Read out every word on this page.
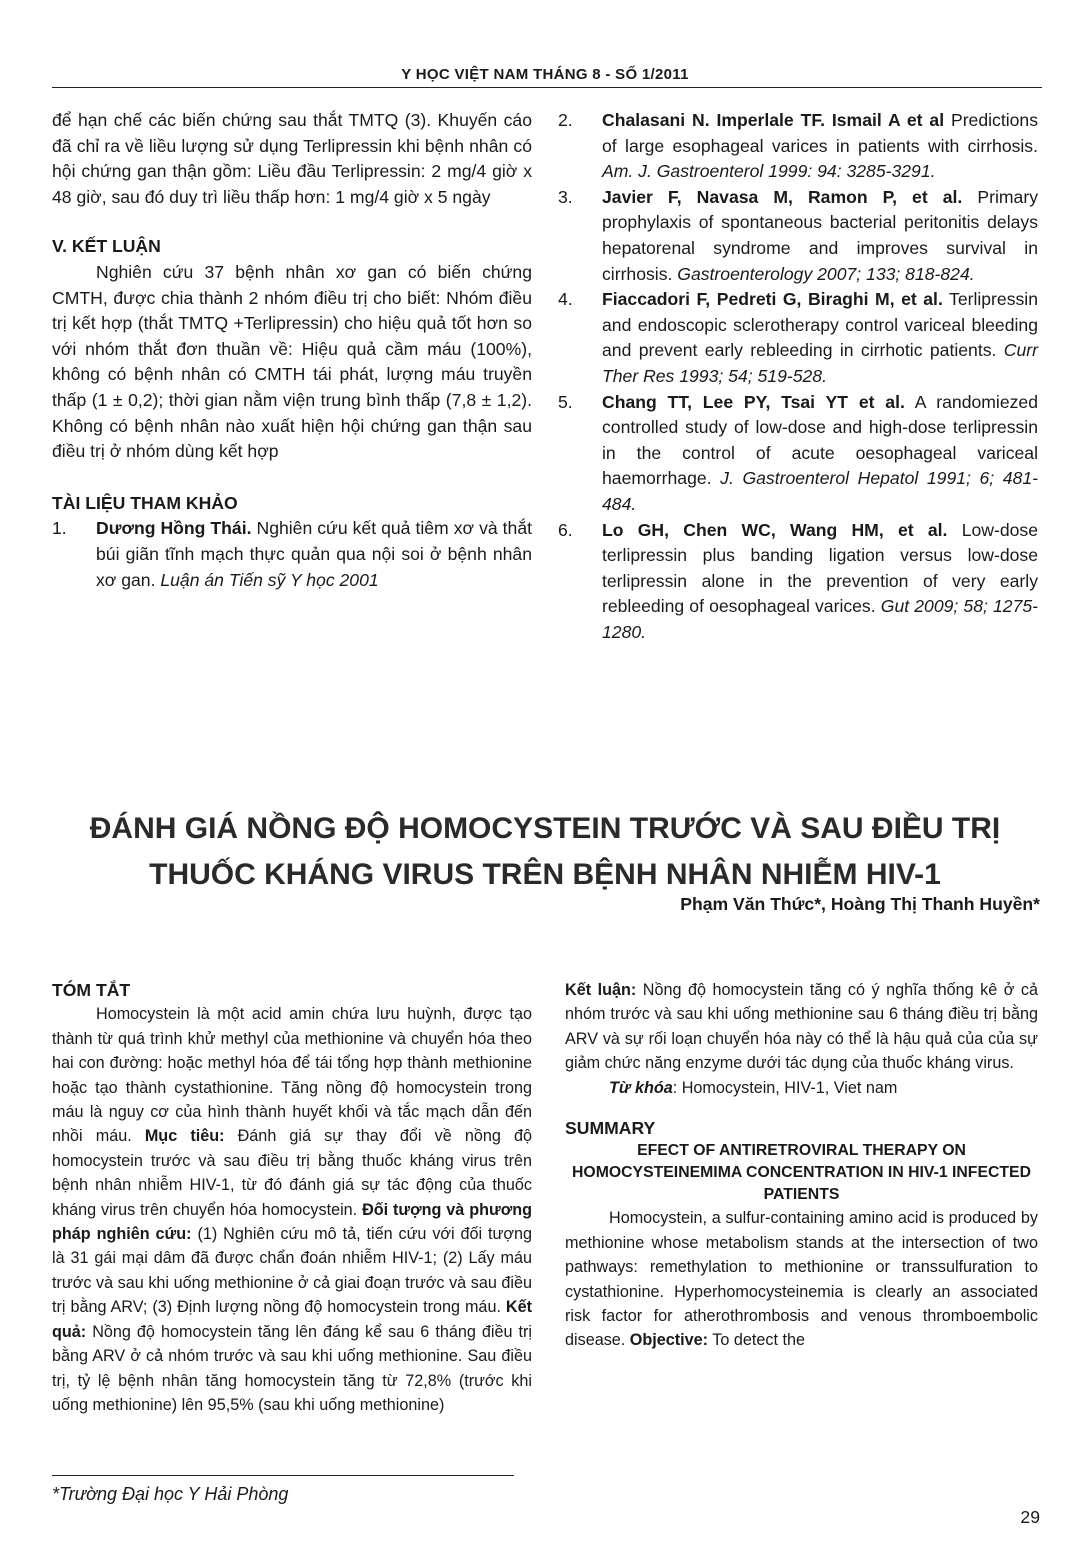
Y HỌC VIỆT NAM THÁNG 8 - SỐ 1/2011

để hạn chế các biến chứng sau thắt TMTQ (3). Khuyến cáo đã chỉ ra về liều lượng sử dụng Terlipressin khi bệnh nhân có hội chứng gan thận gồm: Liều đầu Terlipressin: 2 mg/4 giờ x 48 giờ, sau đó duy trì liều thấp hơn: 1 mg/4 giờ x 5 ngày

V. KẾT LUẬN

Nghiên cứu 37 bệnh nhân xơ gan có biến chứng CMTH, được chia thành 2 nhóm điều trị cho biết: Nhóm điều trị kết hợp (thắt TMTQ +Terlipressin) cho hiệu quả tốt hơn so với nhóm thắt đơn thuần về: Hiệu quả cầm máu (100%), không có bệnh nhân có CMTH tái phát, lượng máu truyền thấp (1 ± 0,2); thời gian nằm viện trung bình thấp (7,8 ± 1,2). Không có bệnh nhân nào xuất hiện hội chứng gan thận sau điều trị ở nhóm dùng kết hợp

TÀI LIỆU THAM KHẢO

1. Dương Hồng Thái. Nghiên cứu kết quả tiêm xơ và thắt búi giãn tĩnh mạch thực quản qua nội soi ở bệnh nhân xơ gan. Luận án Tiến sỹ Y học 2001
2. Chalasani N. Imperlale TF. Ismail A et al Predictions of large esophageal varices in patients with cirrhosis. Am. J. Gastroenterol 1999: 94: 3285-3291.
3. Javier F, Navasa M, Ramon P, et al. Primary prophylaxis of spontaneous bacterial peritonitis delays hepatorenal syndrome and improves survival in cirrhosis. Gastroenterology 2007; 133; 818-824.
4. Fiaccadori F, Pedreti G, Biraghi M, et al. Terlipressin and endoscopic sclerotherapy control variceal bleeding and prevent early rebleeding in cirrhotic patients. Curr Ther Res 1993; 54; 519-528.
5. Chang TT, Lee PY, Tsai YT et al. A randomiezed controlled study of low-dose and high-dose terlipressin in the control of acute oesophageal variceal haemorrhage. J. Gastroenterol Hepatol 1991; 6; 481-484.
6. Lo GH, Chen WC, Wang HM, et al. Low-dose terlipressin plus banding ligation versus low-dose terlipressin alone in the prevention of very early rebleeding of oesophageal varices. Gut 2009; 58; 1275-1280.
ĐÁNH GIÁ NỒNG ĐỘ HOMOCYSTEIN TRƯỚC VÀ SAU ĐIỀU TRỊ
THUỐC KHÁNG VIRUS TRÊN BỆNH NHÂN NHIỄM HIV-1
Phạm Văn Thức*, Hoàng Thị Thanh Huyền*

TÓM TẮT

Homocystein là một acid amin chứa lưu huỳnh, được tạo thành từ quá trình khử methyl của methionine và chuyển hóa theo hai con đường: hoặc methyl hóa để tái tổng hợp thành methionine hoặc tạo thành cystathionine. Tăng nồng độ homocystein trong máu là nguy cơ của hình thành huyết khối và tắc mạch dẫn đến nhồi máu. Mục tiêu: Đánh giá sự thay đổi về nồng độ homocystein trước và sau điều trị bằng thuốc kháng virus trên bệnh nhân nhiễm HIV-1, từ đó đánh giá sự tác động của thuốc kháng virus trên chuyển hóa homocystein. Đối tượng và phương pháp nghiên cứu: (1) Nghiên cứu mô tả, tiến cứu với đối tượng là 31 gái mại dâm đã được chẩn đoán nhiễm HIV-1; (2) Lấy máu trước và sau khi uống methionine ở cả giai đoạn trước và sau điều trị bằng ARV; (3) Định lượng nồng độ homocystein trong máu. Kết quả: Nồng độ homocystein tăng lên đáng kể sau 6 tháng điều trị bằng ARV ở cả nhóm trước và sau khi uống methionine. Sau điều trị, tỷ lệ bệnh nhân tăng homocystein tăng từ 72,8% (trước khi uống methionine) lên 95,5% (sau khi uống methionine)

Kết luận: Nồng độ homocystein tăng có ý nghĩa thống kê ở cả nhóm trước và sau khi uống methionine sau 6 tháng điều trị bằng ARV và sự rối loạn chuyển hóa này có thể là hậu quả của của sự giảm chức năng enzyme dưới tác dụng của thuốc kháng virus.

Từ khóa: Homocystein, HIV-1, Viet nam

SUMMARY

EFECT OF ANTIRETROVIRAL THERAPY ON HOMOCYSTEINEMIMA CONCENTRATION IN HIV-1 INFECTED PATIENTS

Homocystein, a sulfur-containing amino acid is produced by methionine whose metabolism stands at the intersection of two pathways: remethylation to methionine or transsulfuration to cystathionine. Hyperhomocysteinemia is clearly an associated risk factor for atherothrombosis and venous thromboembolic disease. Objective: To detect the

*Trường Đại học Y Hải Phòng
29
